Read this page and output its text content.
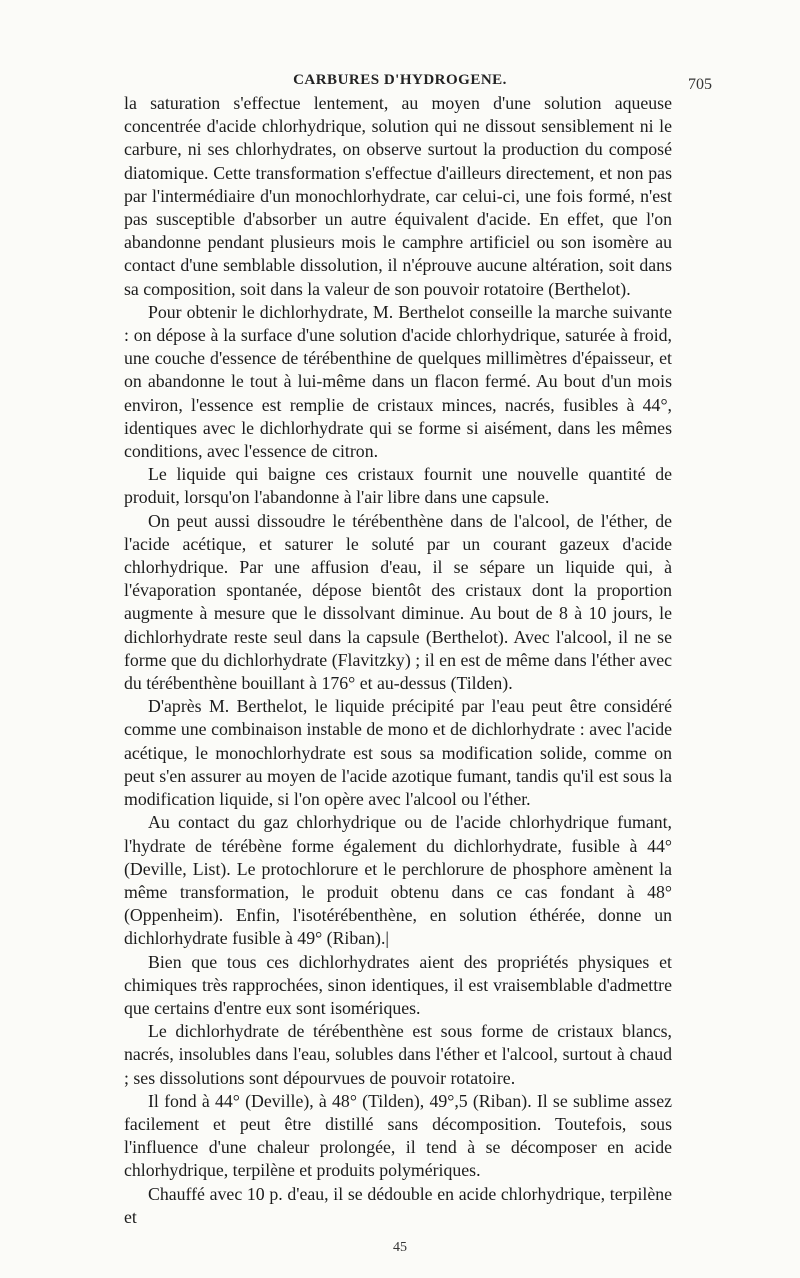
CARBURES D'HYDROGENE.	705

la saturation s'effectue lentement, au moyen d'une solution aqueuse concentrée d'acide chlorhydrique, solution qui ne dissout sensiblement ni le carbure, ni ses chlorhydrates, on observe surtout la production du composé diatomique. Cette transformation s'effectue d'ailleurs directement, et non pas par l'intermédiaire d'un monochlorhydrate, car celui-ci, une fois formé, n'est pas susceptible d'absorber un autre équivalent d'acide. En effet, que l'on abandonne pendant plusieurs mois le camphre artificiel ou son isomère au contact d'une semblable dissolution, il n'éprouve aucune altération, soit dans sa composition, soit dans la valeur de son pouvoir rotatoire (Berthelot).

Pour obtenir le dichlorhydrate, M. Berthelot conseille la marche suivante : on dépose à la surface d'une solution d'acide chlorhydrique, saturée à froid, une couche d'essence de térébenthine de quelques millimètres d'épaisseur, et on abandonne le tout à lui-même dans un flacon fermé. Au bout d'un mois environ, l'essence est remplie de cristaux minces, nacrés, fusibles à 44°, identiques avec le dichlorhydrate qui se forme si aisément, dans les mêmes conditions, avec l'essence de citron.

Le liquide qui baigne ces cristaux fournit une nouvelle quantité de produit, lorsqu'on l'abandonne à l'air libre dans une capsule.

On peut aussi dissoudre le térébenthène dans de l'alcool, de l'éther, de l'acide acétique, et saturer le soluté par un courant gazeux d'acide chlorhydrique. Par une affusion d'eau, il se sépare un liquide qui, à l'évaporation spontanée, dépose bientôt des cristaux dont la proportion augmente à mesure que le dissolvant diminue. Au bout de 8 à 10 jours, le dichlorhydrate reste seul dans la capsule (Berthelot). Avec l'alcool, il ne se forme que du dichlorhydrate (Flavitzky) ; il en est de même dans l'éther avec du térébenthène bouillant à 176° et au-dessus (Tilden).

D'après M. Berthelot, le liquide précipité par l'eau peut être considéré comme une combinaison instable de mono et de dichlorhydrate : avec l'acide acétique, le monochlorhydrate est sous sa modification solide, comme on peut s'en assurer au moyen de l'acide azotique fumant, tandis qu'il est sous la modification liquide, si l'on opère avec l'alcool ou l'éther.

Au contact du gaz chlorhydrique ou de l'acide chlorhydrique fumant, l'hydrate de térébène forme également du dichlorhydrate, fusible à 44° (Deville, List). Le protochlorure et le perchlorure de phosphore amènent la même transformation, le produit obtenu dans ce cas fondant à 48° (Oppenheim). Enfin, l'isotérébenthène, en solution éthérée, donne un dichlorhydrate fusible à 49° (Riban).|

Bien que tous ces dichlorhydrates aient des propriétés physiques et chimiques très rapprochées, sinon identiques, il est vraisemblable d'admettre que certains d'entre eux sont isomériques.

Le dichlorhydrate de térébenthène est sous forme de cristaux blancs, nacrés, insolubles dans l'eau, solubles dans l'éther et l'alcool, surtout à chaud ; ses dissolutions sont dépourvues de pouvoir rotatoire.

Il fond à 44° (Deville), à 48° (Tilden), 49°,5 (Riban). Il se sublime assez facilement et peut être distillé sans décomposition. Toutefois, sous l'influence d'une chaleur prolongée, il tend à se décomposer en acide chlorhydrique, terpilène et produits polymériques.

Chauffé avec 10 p. d'eau, il se dédouble en acide chlorhydrique, terpilène et

45
